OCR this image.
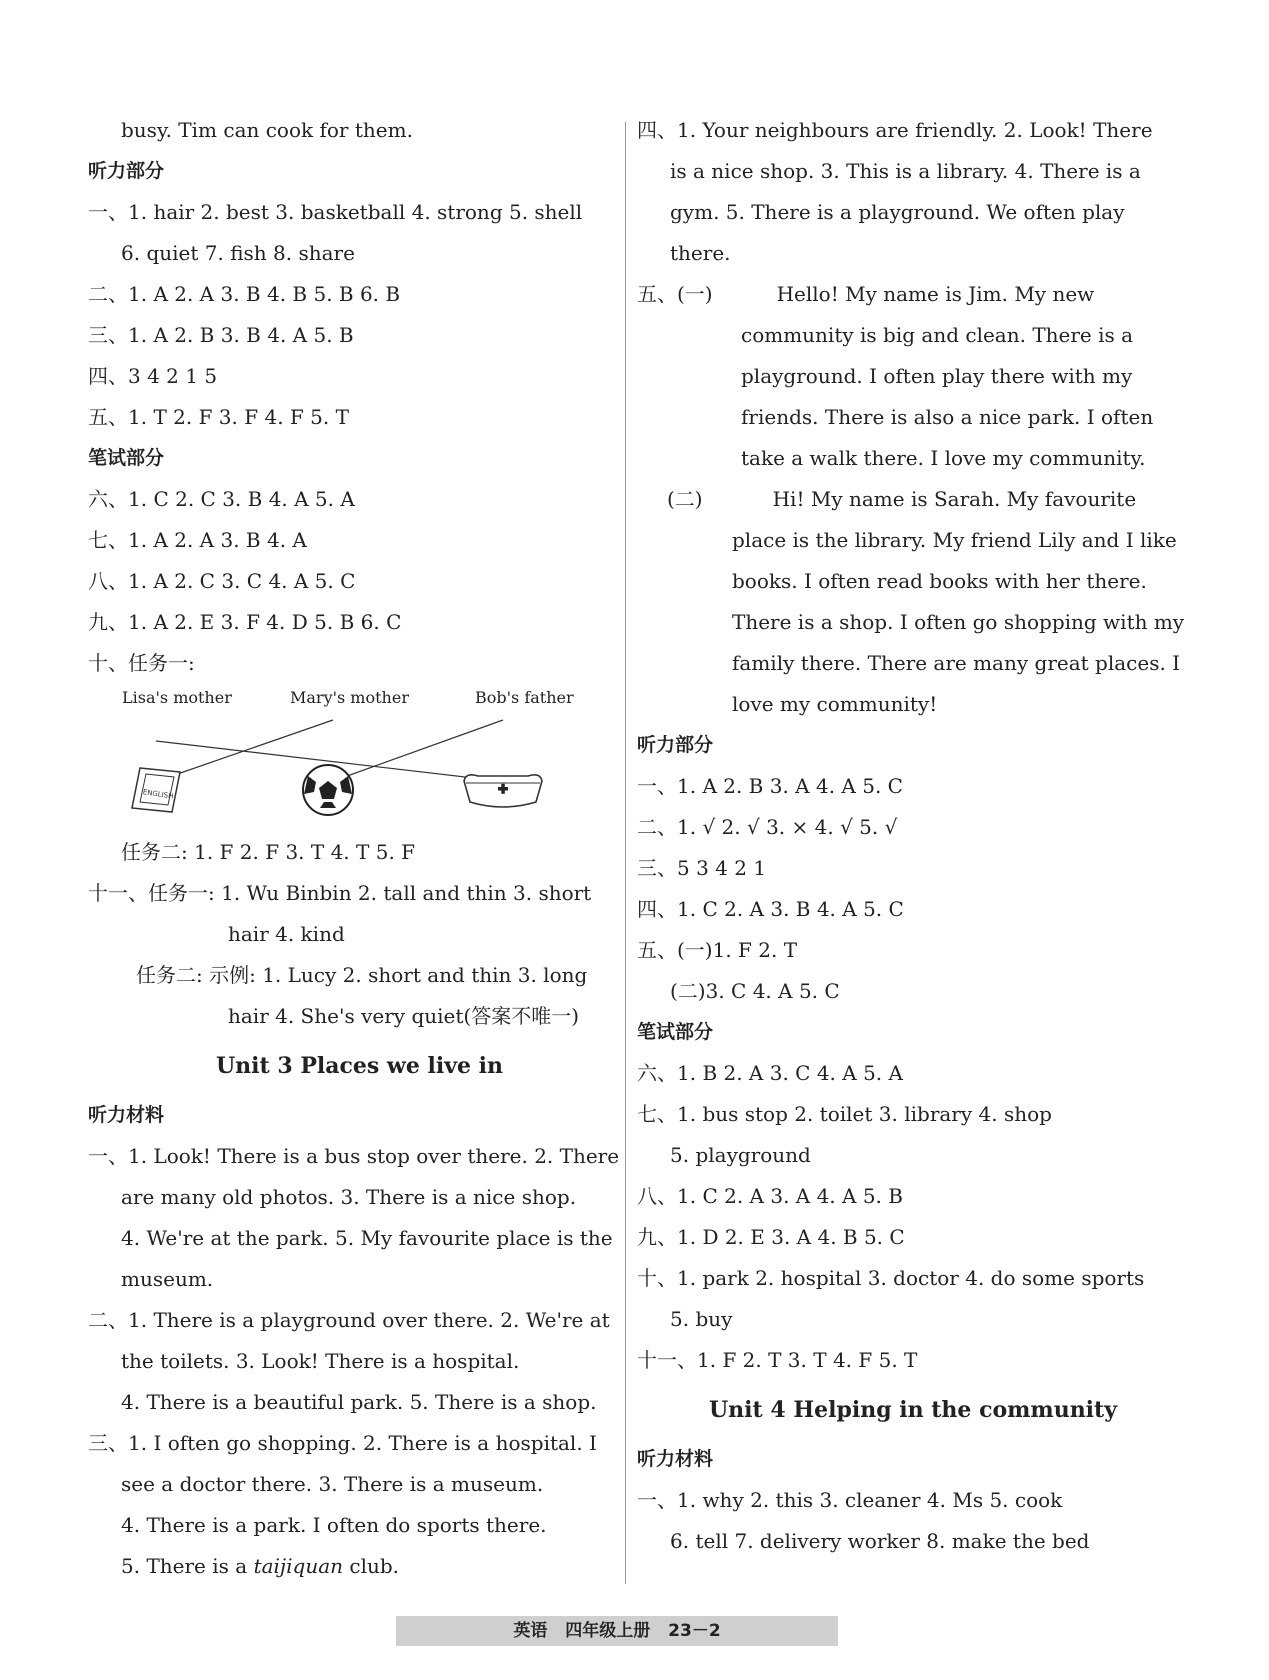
busy. Tim can cook for them.
听力部分
一、1. hair 2. best 3. basketball 4. strong 5. shell
6. quiet 7. fish 8. share
二、1. A 2. A 3. B 4. B 5. B 6. B
三、1. A 2. B 3. B 4. A 5. B
四、3 4 2 1 5
五、1. T 2. F 3. F 4. F 5. T
笔试部分
六、1. C 2. C 3. B 4. A 5. A
七、1. A 2. A 3. B 4. A
八、1. A 2. C 3. C 4. A 5. C
九、1. A 2. E 3. F 4. D 5. B 6. C
十、任务一:
Lisa's mother	Mary's mother	Bob's father
ENGLISH
任务二: 1. F 2. F 3. T 4. T 5. F
十一、任务一: 1. Wu Binbin 2. tall and thin 3. short
hair 4. kind
任务二: 示例: 1. Lucy 2. short and thin 3. long
hair 4. She's very quiet(答案不唯一)
Unit 3 Places we live in
听力材料
一、1. Look! There is a bus stop over there. 2. There
are many old photos. 3. There is a nice shop.
4. We're at the park. 5. My favourite place is the
museum.
二、1. There is a playground over there. 2. We're at
the toilets. 3. Look! There is a hospital.
4. There is a beautiful park. 5. There is a shop.
三、1. I often go shopping. 2. There is a hospital. I
see a doctor there. 3. There is a museum.
4. There is a park. I often do sports there.
5. There is a taijiquan club.
四、1. Your neighbours are friendly. 2. Look! There
is a nice shop. 3. This is a library. 4. There is a
gym. 5. There is a playground. We often play
there.
五、(一)	Hello! My name is Jim. My new
community is big and clean. There is a
playground. I often play there with my
friends. There is also a nice park. I often
take a walk there. I love my community.
(二)	Hi! My name is Sarah. My favourite
place is the library. My friend Lily and I like
books. I often read books with her there.
There is a shop. I often go shopping with my
family there. There are many great places. I
love my community!
听力部分
一、1. A 2. B 3. A 4. A 5. C
二、1. √ 2. √ 3. × 4. √ 5. √
三、5 3 4 2 1
四、1. C 2. A 3. B 4. A 5. C
五、(一)1. F 2. T
(二)3. C 4. A 5. C
笔试部分
六、1. B 2. A 3. C 4. A 5. A
七、1. bus stop 2. toilet 3. library 4. shop
5. playground
八、1. C 2. A 3. A 4. A 5. B
九、1. D 2. E 3. A 4. B 5. C
十、1. park 2. hospital 3. doctor 4. do some sports
5. buy
十一、1. F 2. T 3. T 4. F 5. T
Unit 4 Helping in the community
听力材料
一、1. why 2. this 3. cleaner 4. Ms 5. cook
6. tell 7. delivery worker 8. make the bed
英语 四年级上册 23－2
